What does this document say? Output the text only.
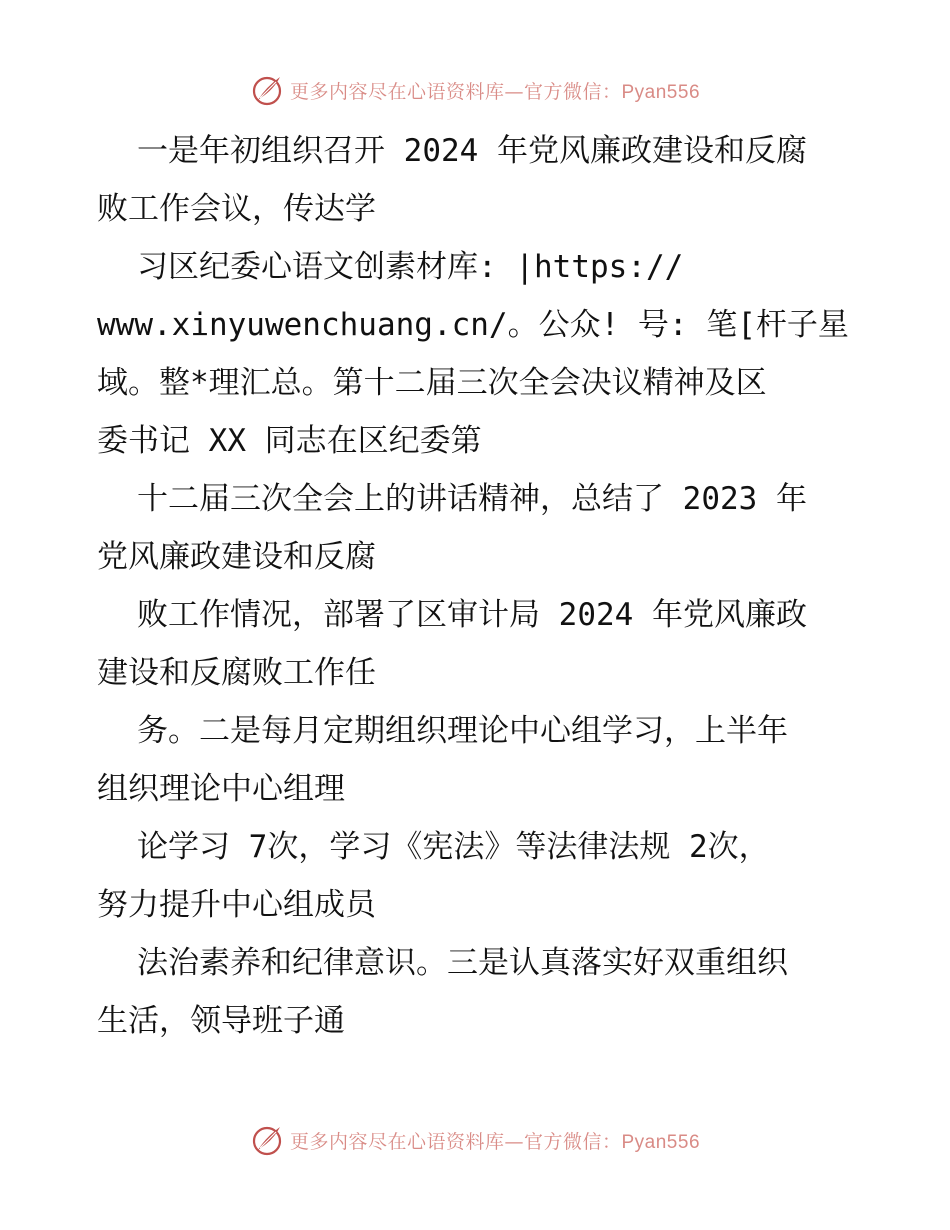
更多内容尽在心语资料库—官方微信：Pyan556
一是年初组织召开 2024 年党风廉政建设和反腐
败工作会议，传达学
习区纪委心语文创素材库: |https://
www.xinyuwenchuang.cn/。公众! 号: 笔[杆子星
域。整*理汇总。第十二届三次全会决议精神及区
委书记 XX 同志在区纪委第
十二届三次全会上的讲话精神，总结了 2023 年
党风廉政建设和反腐
败工作情况，部署了区审计局 2024 年党风廉政
建设和反腐败工作任
务。二是每月定期组织理论中心组学习，上半年
组织理论中心组理
论学习 7次，学习《宪法》等法律法规 2次，
努力提升中心组成员
法治素养和纪律意识。三是认真落实好双重组织
生活，领导班子通
更多内容尽在心语资料库—官方微信：Pyan556
